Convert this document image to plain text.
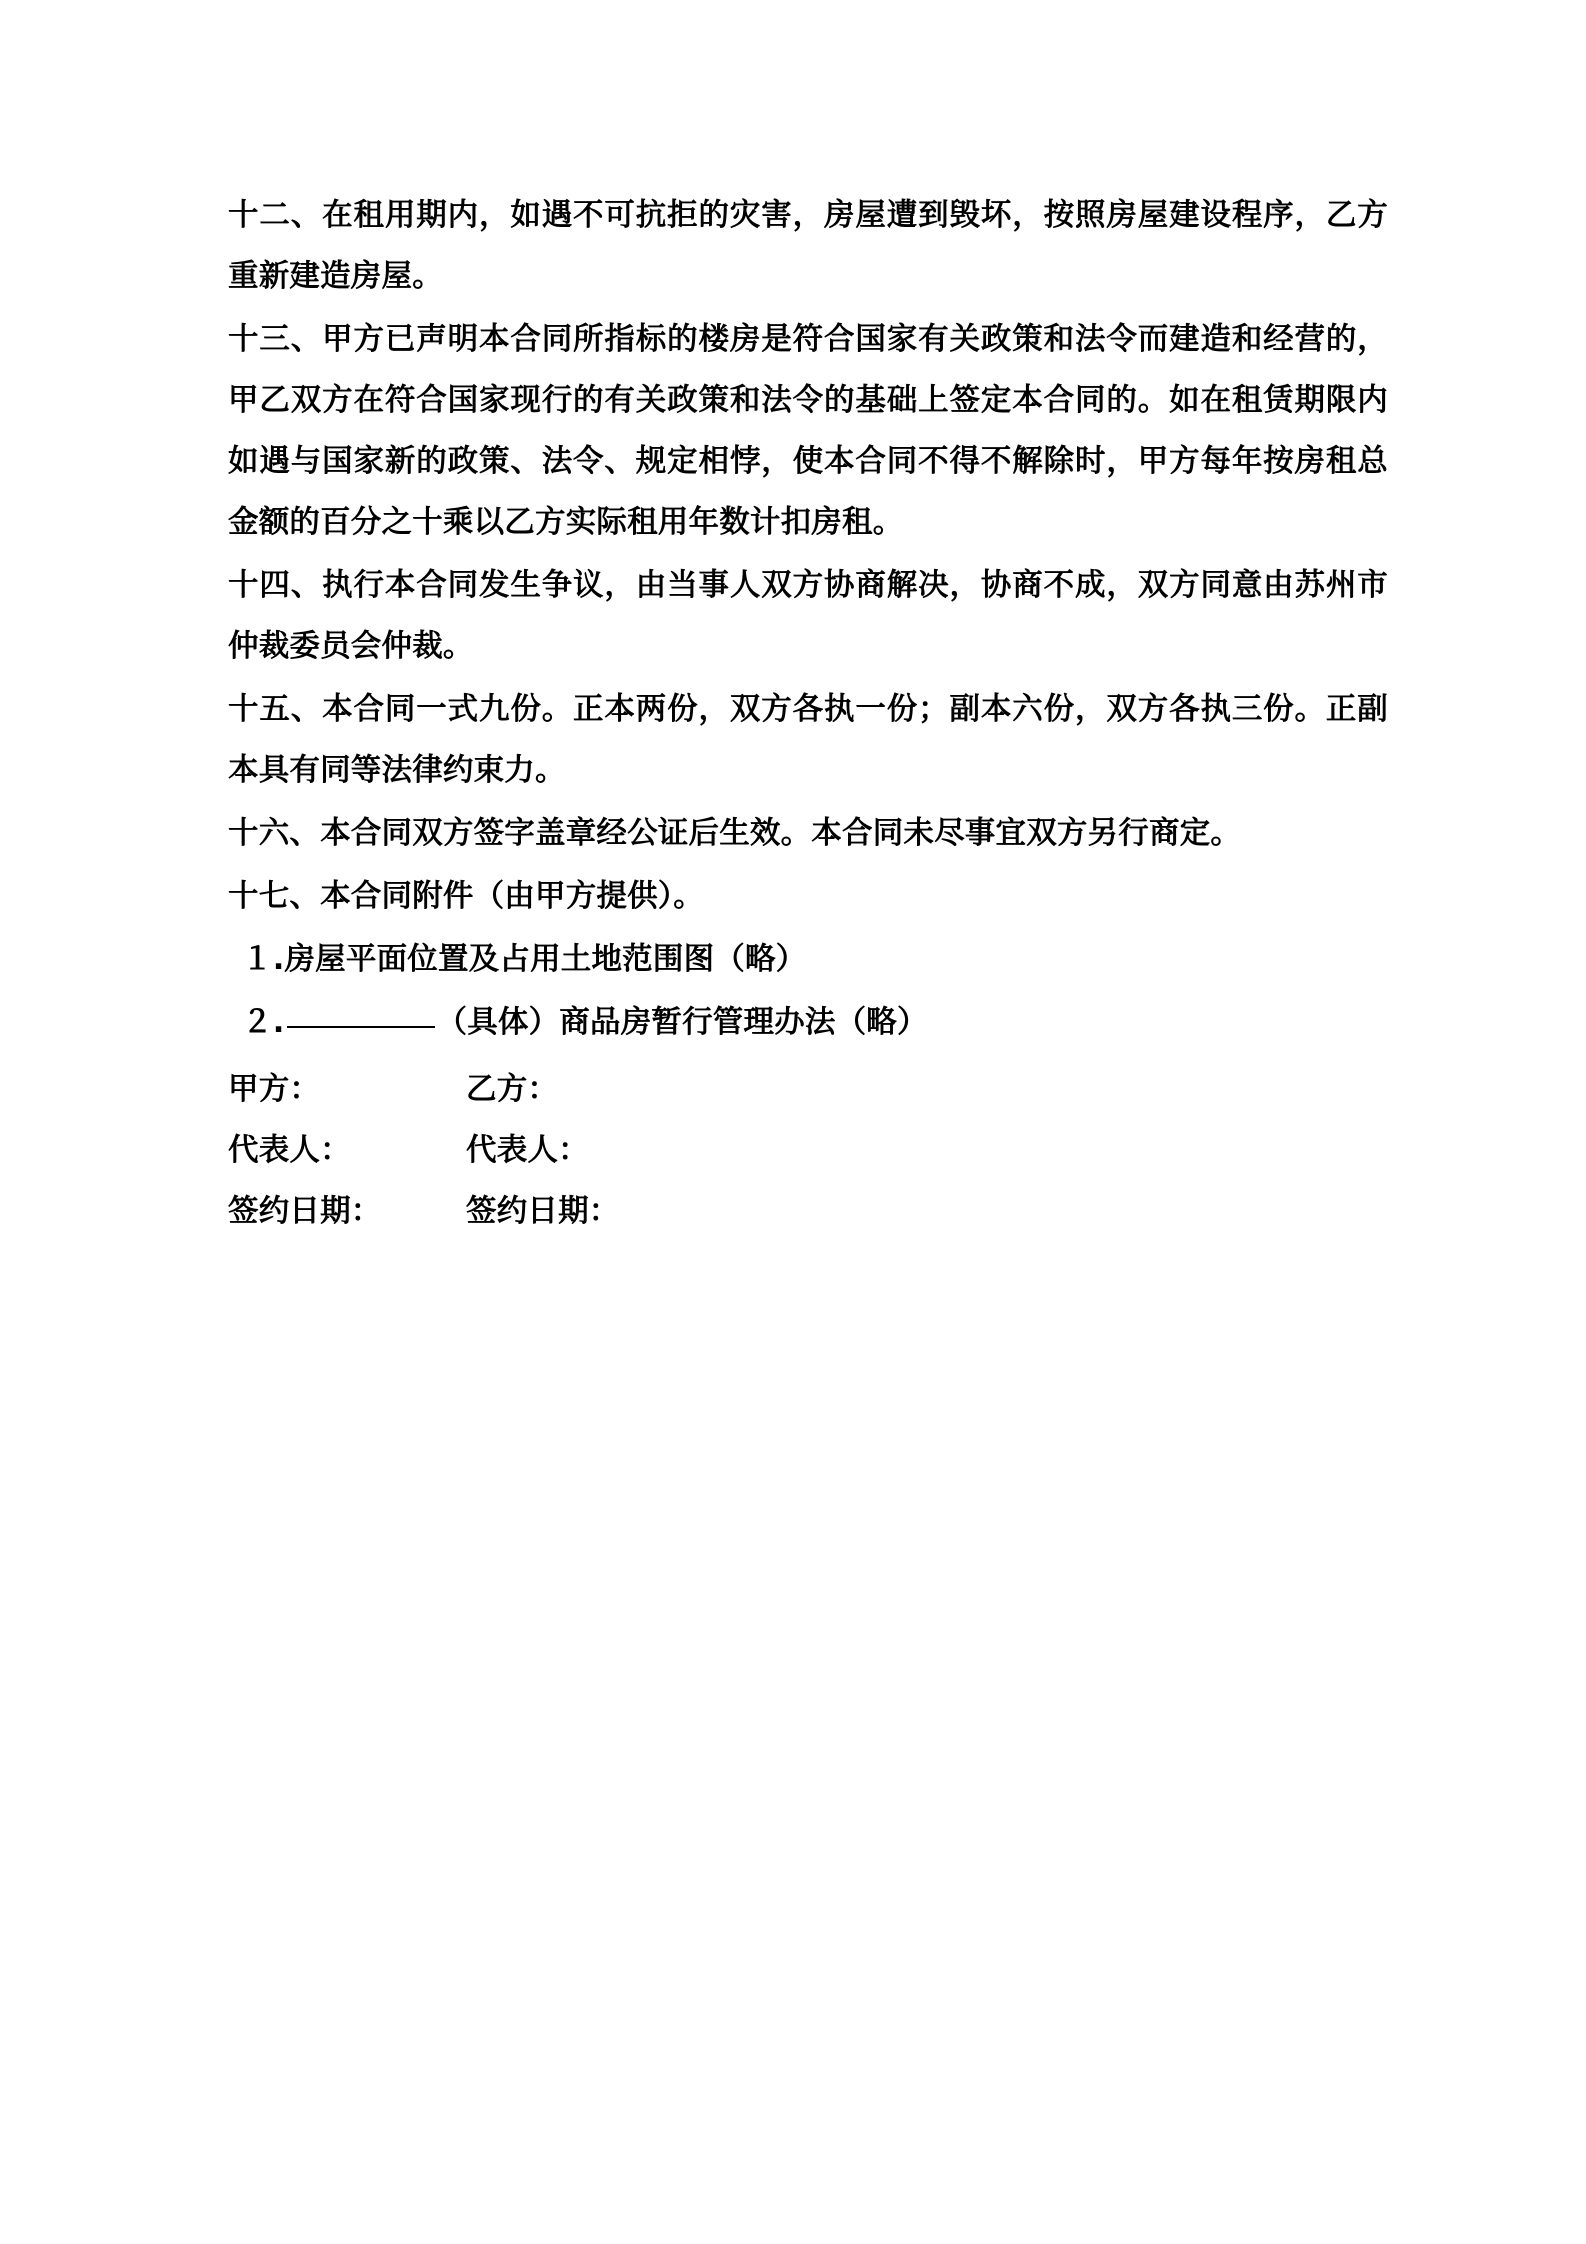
十二、在租用期内，如遇不可抗拒的灾害，房屋遭到毁坏，按照房屋建设程序，乙方重新建造房屋。

十三、甲方已声明本合同所指标的楼房是符合国家有关政策和法令而建造和经营的，甲乙双方在符合国家现行的有关政策和法令的基础上签定本合同的。如在租赁期限内如遇与国家新的政策、法令、规定相悖，使本合同不得不解除时，甲方每年按房租总金额的百分之十乘以乙方实际租用年数计扣房租。

十四、执行本合同发生争议，由当事人双方协商解决，协商不成，双方同意由苏州市仲裁委员会仲裁。

十五、本合同一式九份。正本两份，双方各执一份；副本六份，双方各执三份。正副本具有同等法律约束力。

十六、本合同双方签字盖章经公证后生效。本合同未尽事宜双方另行商定。

十七、本合同附件（由甲方提供）。

１.房屋平面位置及占用土地范围图（略）

２.	（具体）商品房暂行管理办法（略）

甲方：	乙方：
代表人：	代表人：
签约日期：	签约日期：
